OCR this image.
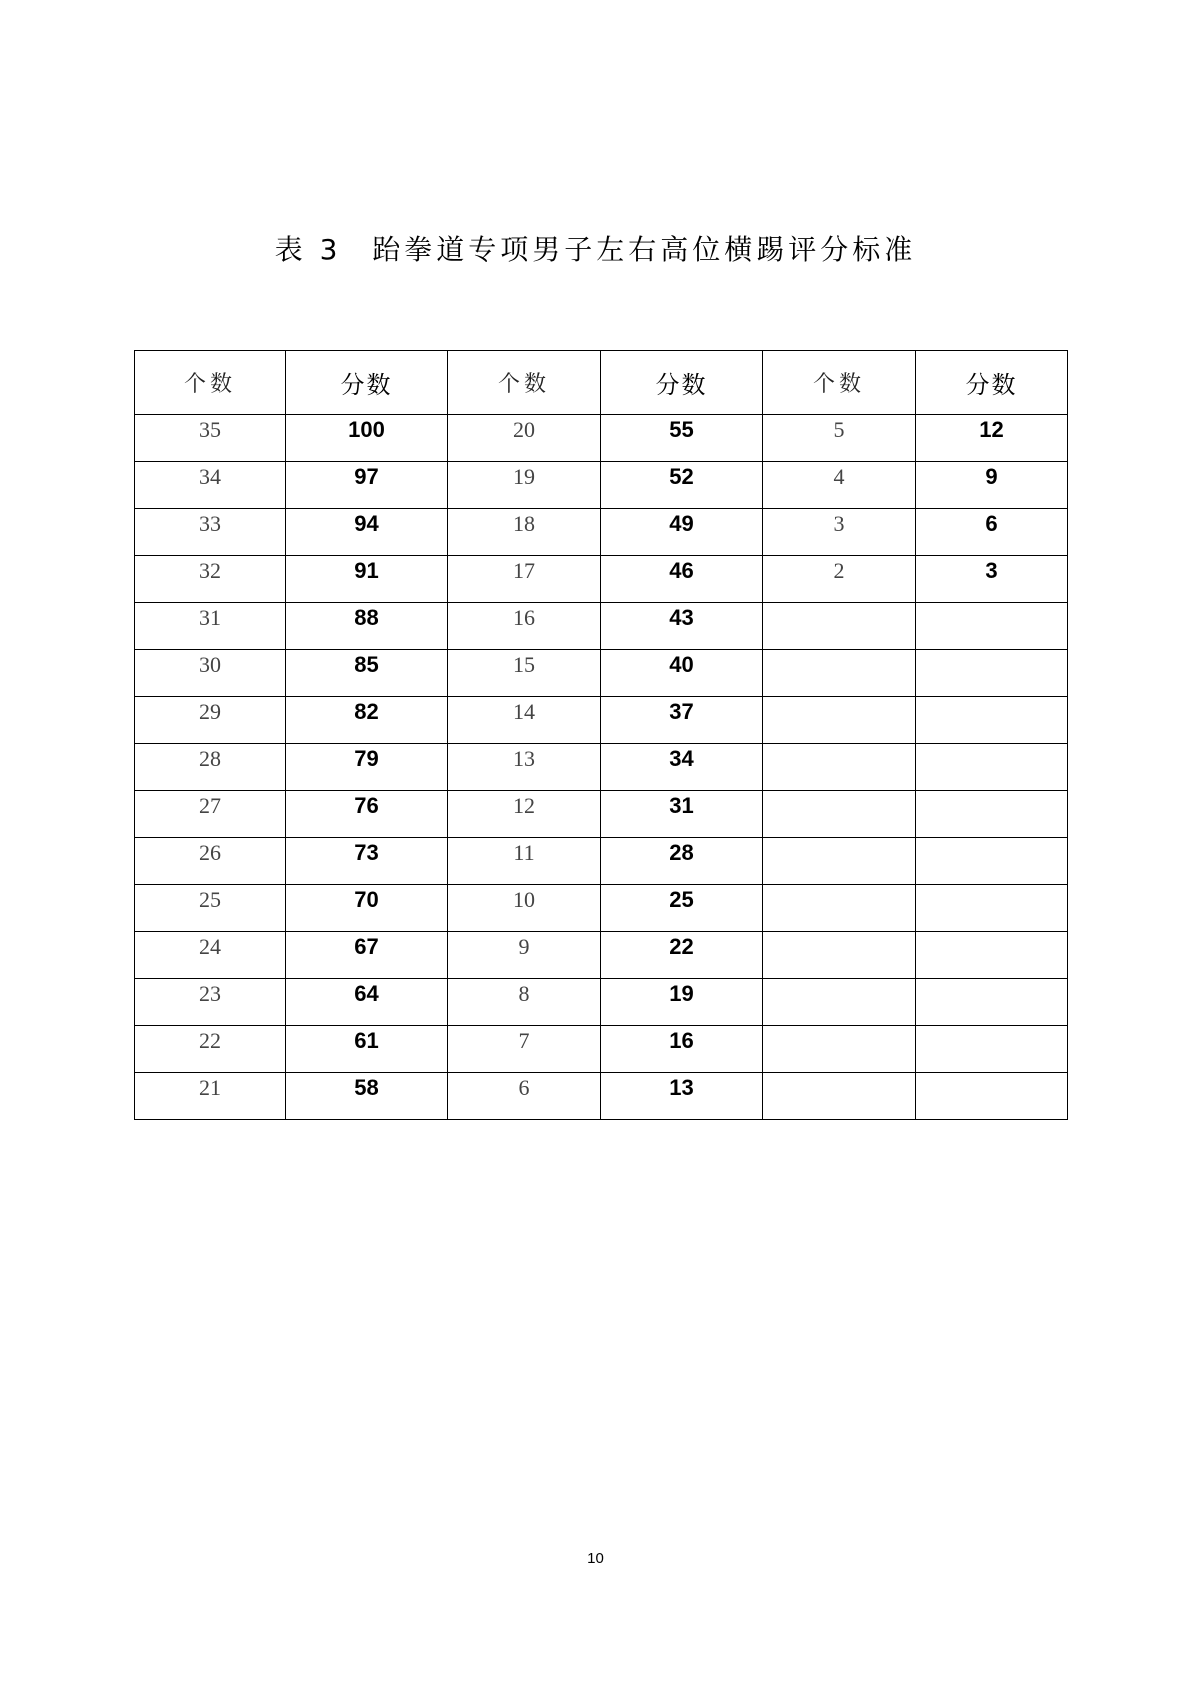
表 3 跆拳道专项男子左右高位横踢评分标准
个数	分数	个数	分数	个数	分数
35	100	20	55	5	12
34	97	19	52	4	9
33	94	18	49	3	6
32	91	17	46	2	3
31	88	16	43		
30	85	15	40		
29	82	14	37		
28	79	13	34		
27	76	12	31		
26	73	11	28		
25	70	10	25		
24	67	9	22		
23	64	8	19		
22	61	7	16		
21	58	6	13		
10
